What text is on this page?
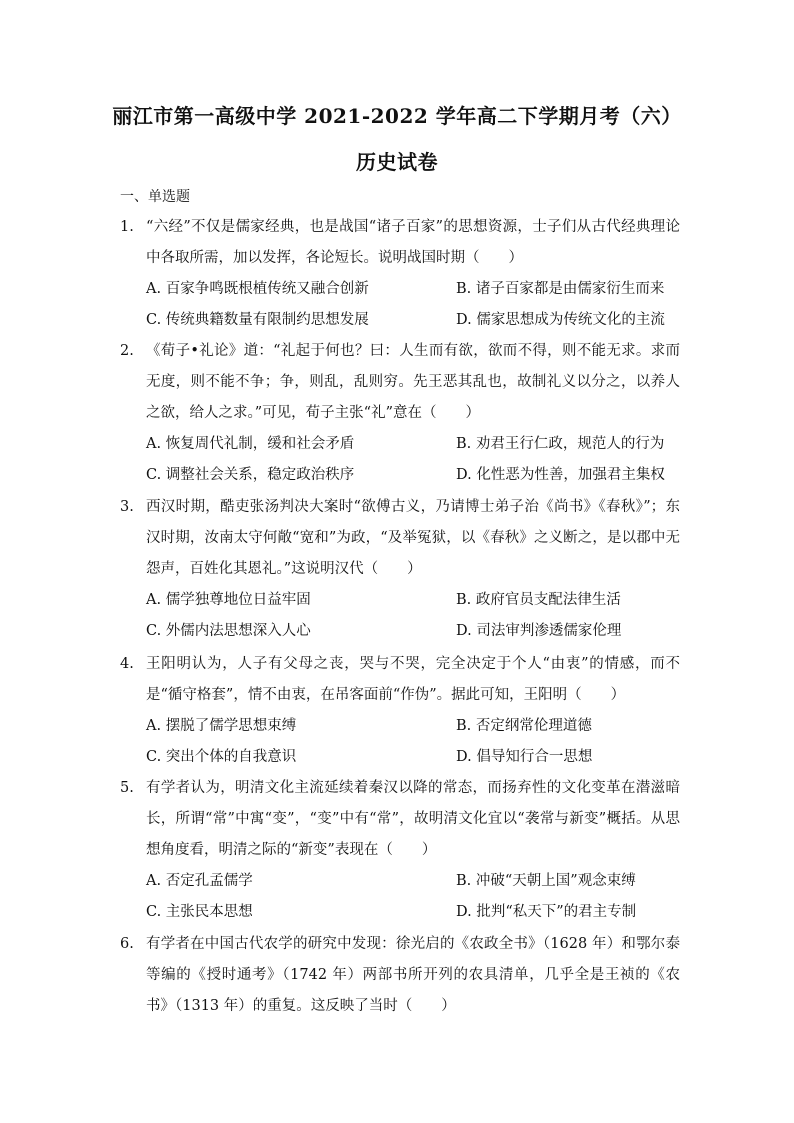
丽江市第一高级中学 2021-2022 学年高二下学期月考（六）
历史试卷
一、单选题
1. “六经”不仅是儒家经典，也是战国“诸子百家”的思想资源，士子们从古代经典理论中各取所需，加以发挥，各论短长。说明战国时期（　　）
A. 百家争鸣既根植传统又融合创新	B. 诸子百家都是由儒家衍生而来
C. 传统典籍数量有限制约思想发展	D. 儒家思想成为传统文化的主流
2. 《荀子•礼论》道：“礼起于何也？曰：人生而有欲，欲而不得，则不能无求。求而无度，则不能不争；争，则乱，乱则穷。先王恶其乱也，故制礼义以分之，以养人之欲，给人之求。”可见，荀子主张“礼”意在（　　）
A. 恢复周代礼制，缓和社会矛盾	B. 劝君王行仁政，规范人的行为
C. 调整社会关系，稳定政治秩序	D. 化性恶为性善，加强君主集权
3. 西汉时期，酷吏张汤判决大案时“欲傅古义，乃请博士弟子治《尚书》《春秋》”；东汉时期，汝南太守何敞“宽和”为政，“及举冤狱，以《春秋》之义断之，是以郡中无怨声，百姓化其恩礼。”这说明汉代（　　）
A. 儒学独尊地位日益牢固	B. 政府官员支配法律生活
C. 外儒内法思想深入人心	D. 司法审判渗透儒家伦理
4. 王阳明认为，人子有父母之丧，哭与不哭，完全决定于个人“由衷”的情感，而不是“循守格套”，情不由衷，在吊客面前“作伪”。据此可知，王阳明（　　）
A. 摆脱了儒学思想束缚	B. 否定纲常伦理道德
C. 突出个体的自我意识	D. 倡导知行合一思想
5. 有学者认为，明清文化主流延续着秦汉以降的常态，而扬弃性的文化变革在潜滋暗长，所谓“常”中寓“变”，“变”中有“常”，故明清文化宜以“袭常与新变”概括。从思想角度看，明清之际的“新变”表现在（　　）
A. 否定孔孟儒学	B. 冲破“天朝上国”观念束缚
C. 主张民本思想	D. 批判“私天下”的君主专制
6. 有学者在中国古代农学的研究中发现：徐光启的《农政全书》（1628 年）和鄂尔泰等编的《授时通考》（1742 年）两部书所开列的农具清单，几乎全是王祯的《农书》（1313 年）的重复。这反映了当时（　　）
